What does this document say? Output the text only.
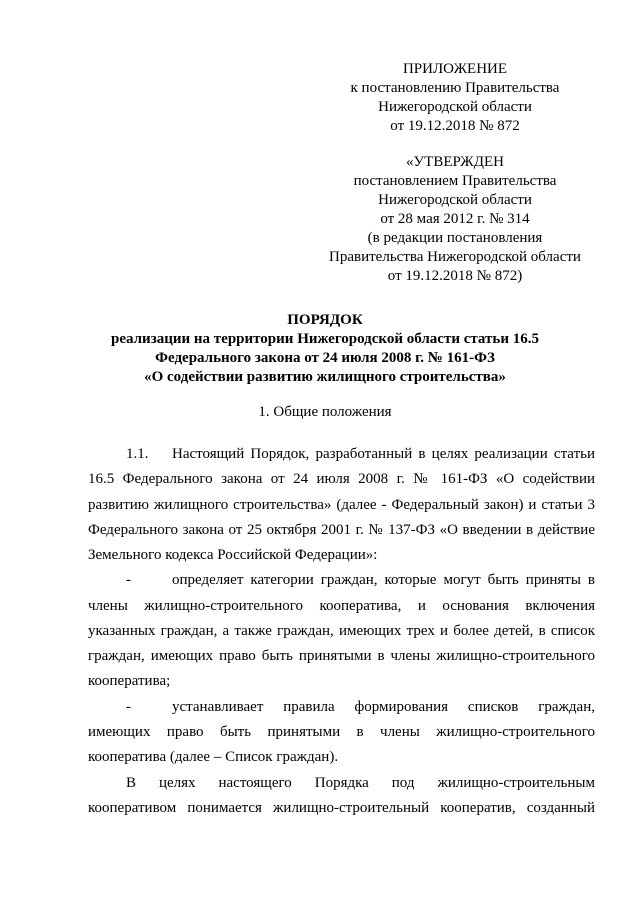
ПРИЛОЖЕНИЕ
к постановлению Правительства
Нижегородской области
от 19.12.2018 № 872
«УТВЕРЖДЕН
постановлением Правительства
Нижегородской области
от 28 мая 2012 г. № 314
(в редакции постановления
Правительства Нижегородской области
от 19.12.2018 № 872)
ПОРЯДОК
реализации на территории Нижегородской области статьи 16.5
Федерального закона от 24 июля 2008 г. № 161-ФЗ
«О содействии развитию жилищного строительства»
1. Общие положения
1.1.	Настоящий Порядок, разработанный в целях реализации статьи
16.5 Федерального закона от 24 июля 2008 г. № 161-ФЗ «О содействии
развитию жилищного строительства» (далее - Федеральный закон) и статьи 3
Федерального закона от 25 октября 2001 г. № 137-ФЗ «О введении в действие
Земельного кодекса Российской Федерации»:
-	определяет категории граждан, которые могут быть приняты в
члены жилищно-строительного кооператива, и основания включения
указанных граждан, а также граждан, имеющих трех и более детей, в список
граждан, имеющих право быть принятыми в члены жилищно-строительного
кооператива;
-	устанавливает правила формирования списков граждан,
имеющих право быть принятыми в члены жилищно-строительного
кооператива (далее – Список граждан).
В целях настоящего Порядка под жилищно-строительным
кооперативом понимается жилищно-строительный кооператив, созданный
